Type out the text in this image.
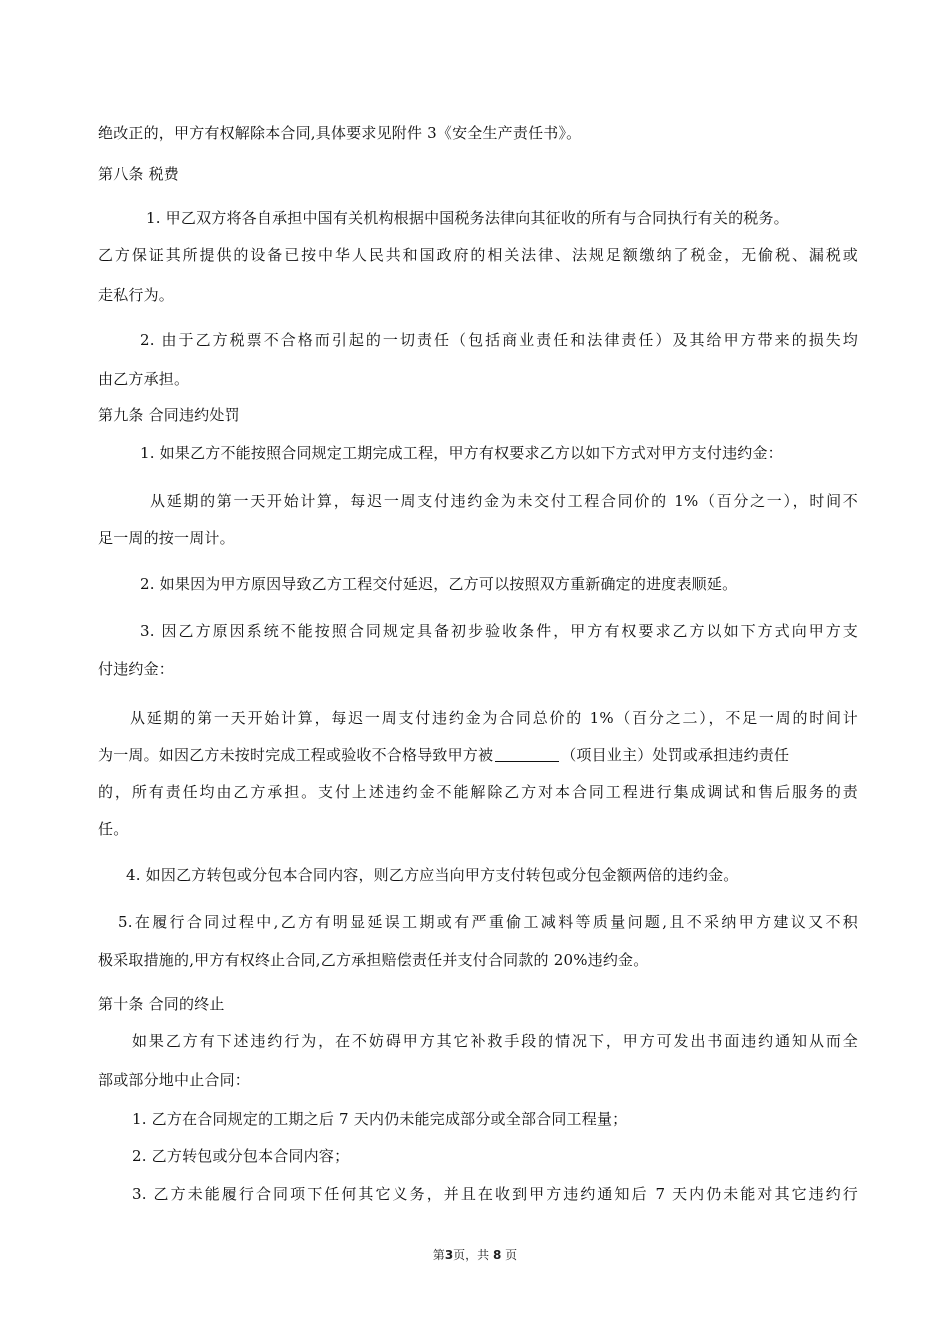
绝改正的，甲方有权解除本合同,具体要求见附件 3《安全生产责任书》。
第八条 税费
1. 甲乙双方将各自承担中国有关机构根据中国税务法律向其征收的所有与合同执行有关的税务。
乙方保证其所提供的设备已按中华人民共和国政府的相关法律、法规足额缴纳了税金，无偷税、漏税或
走私行为。
2. 由于乙方税票不合格而引起的一切责任（包括商业责任和法律责任）及其给甲方带来的损失均
由乙方承担。
第九条 合同违约处罚
1. 如果乙方不能按照合同规定工期完成工程，甲方有权要求乙方以如下方式对甲方支付违约金：
从延期的第一天开始计算，每迟一周支付违约金为未交付工程合同价的 1%（百分之一），时间不
足一周的按一周计。
2. 如果因为甲方原因导致乙方工程交付延迟，乙方可以按照双方重新确定的进度表顺延。
3. 因乙方原因系统不能按照合同规定具备初步验收条件，甲方有权要求乙方以如下方式向甲方支
付违约金：
从延期的第一天开始计算，每迟一周支付违约金为合同总价的 1%（百分之二），不足一周的时间计
为一周。如因乙方未按时完成工程或验收不合格导致甲方被	（项目业主）处罚或承担违约责任
的，所有责任均由乙方承担。支付上述违约金不能解除乙方对本合同工程进行集成调试和售后服务的责
任。
4. 如因乙方转包或分包本合同内容，则乙方应当向甲方支付转包或分包金额两倍的违约金。
5.在履行合同过程中,乙方有明显延误工期或有严重偷工减料等质量问题,且不采纳甲方建议又不积
极采取措施的,甲方有权终止合同,乙方承担赔偿责任并支付合同款的 20%违约金。
第十条 合同的终止
如果乙方有下述违约行为，在不妨碍甲方其它补救手段的情况下，甲方可发出书面违约通知从而全
部或部分地中止合同：
1. 乙方在合同规定的工期之后 7 天内仍未能完成部分或全部合同工程量；
2. 乙方转包或分包本合同内容；
3. 乙方未能履行合同项下任何其它义务，并且在收到甲方违约通知后 7 天内仍未能对其它违约行
第3页，共 8 页
